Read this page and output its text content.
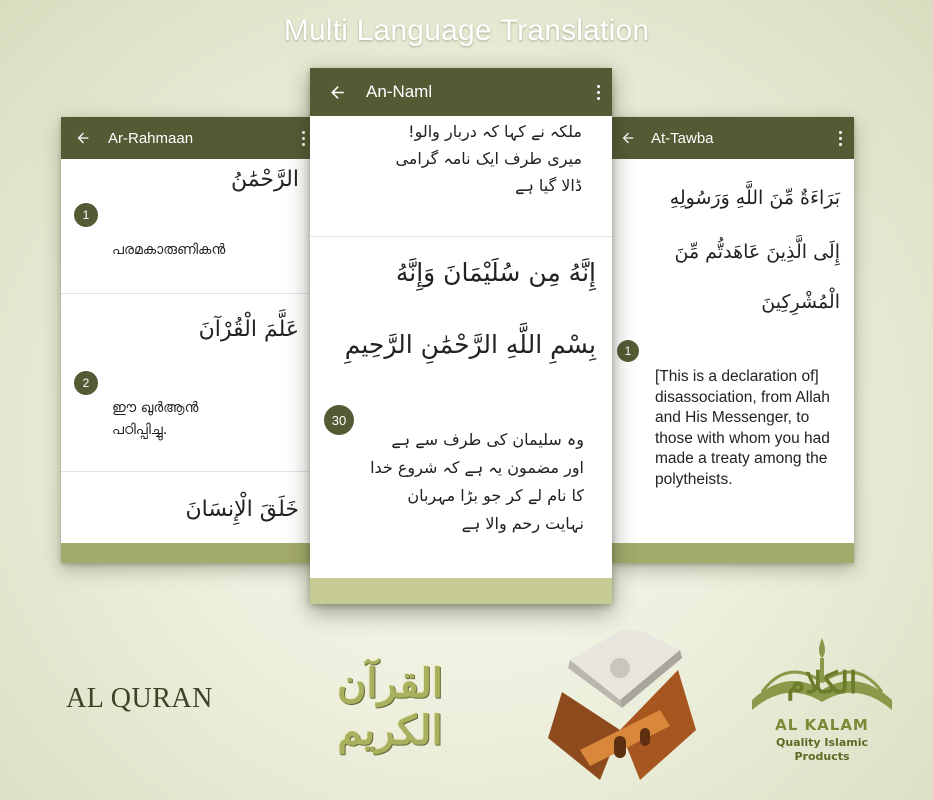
Multi Language Translation
Ar-Rahmaan
الرَّحْمَٰنُ
1
പരമകാരുണികൻ
عَلَّمَ الْقُرْآنَ
2
ഈ ഖുർആൻ പഠിപ്പിച്ചു.
خَلَقَ الْإِنسَانَ
At-Tawba
بَرَاءَةٌ مِّنَ اللَّهِ وَرَسُولِهِ
إِلَى الَّذِينَ عَاهَدتُّم مِّنَ
الْمُشْرِكِينَ
1
[This is a declaration of] disassociation, from Allah and His Messenger, to those with whom you had made a treaty among the polytheists.
An-Naml
ملکہ نے کہا کہ دربار والو! میری طرف ایک نامہ گرامی ڈالا گیا ہے
إِنَّهُ مِن سُلَيْمَانَ وَإِنَّهُ
بِسْمِ اللَّهِ الرَّحْمَٰنِ الرَّحِيمِ
30
وہ سلیمان کی طرف سے ہے اور مضمون یہ ہے کہ شروع خدا کا نام لے کر جو بڑا مہربان نہایت رحم والا ہے
AL QURAN	القرآن الكريم
الكلام
AL KALAM
Quality Islamic
Products
